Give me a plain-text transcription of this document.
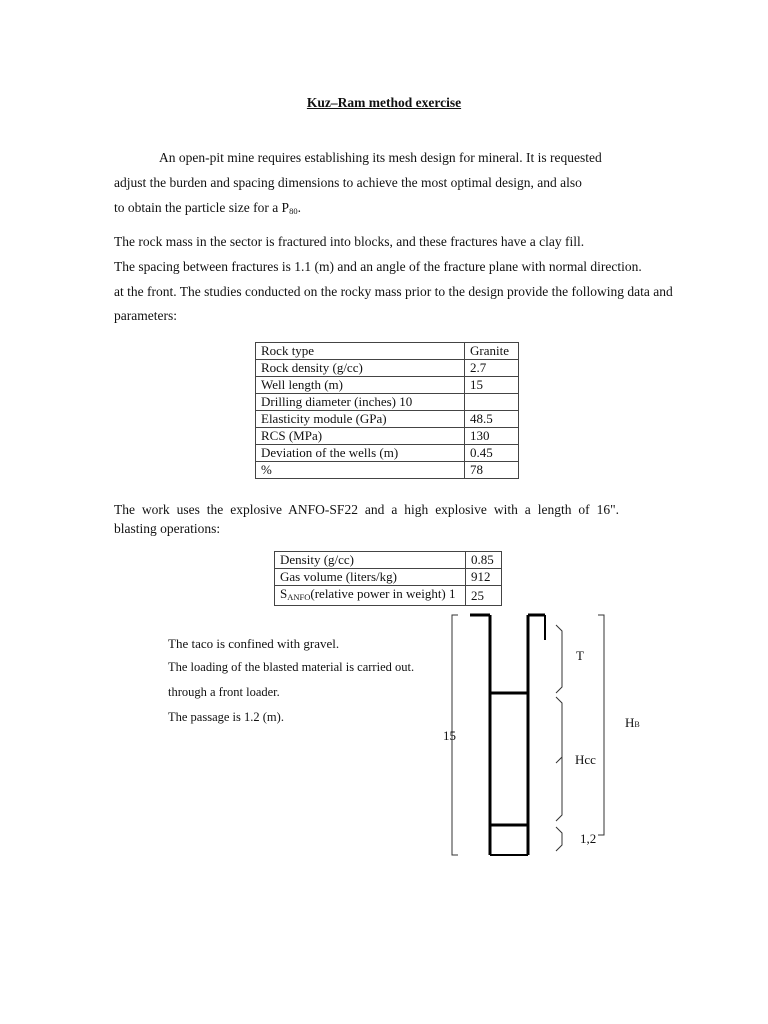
Kuz–Ram method exercise
An open-pit mine requires establishing its mesh design for mineral. It is requested
adjust the burden and spacing dimensions to achieve the most optimal design, and also
to obtain the particle size for a $P_{80}$.
The rock mass in the sector is fractured into blocks, and these fractures have a clay fill.
The spacing between fractures is 1.1 (m) and an angle of the fracture plane with normal direction.
at the front. The studies conducted on the rocky mass prior to the design provide the following data and
parameters:
Rock type	Granite
Rock density (g/cc)	2.7
Well length (m)	15
Drilling diameter (inches) 10	
Elasticity module (GPa)	48.5
RCS (MPa)	130
Deviation of the wells (m)	0.45
%	78
The work uses the explosive ANFO-SF22 and a high explosive with a length of 16".
blasting operations:
Density (g/cc)	0.85
Gas volume (liters/kg)	912
$S_{ANFO}(relative$ power in weight) 1	25
The taco is confined with gravel.
The loading of the blasted material is carried out.
through a front loader.
The passage is 1.2 (m).
15
T
HB
Hcc
1,2
